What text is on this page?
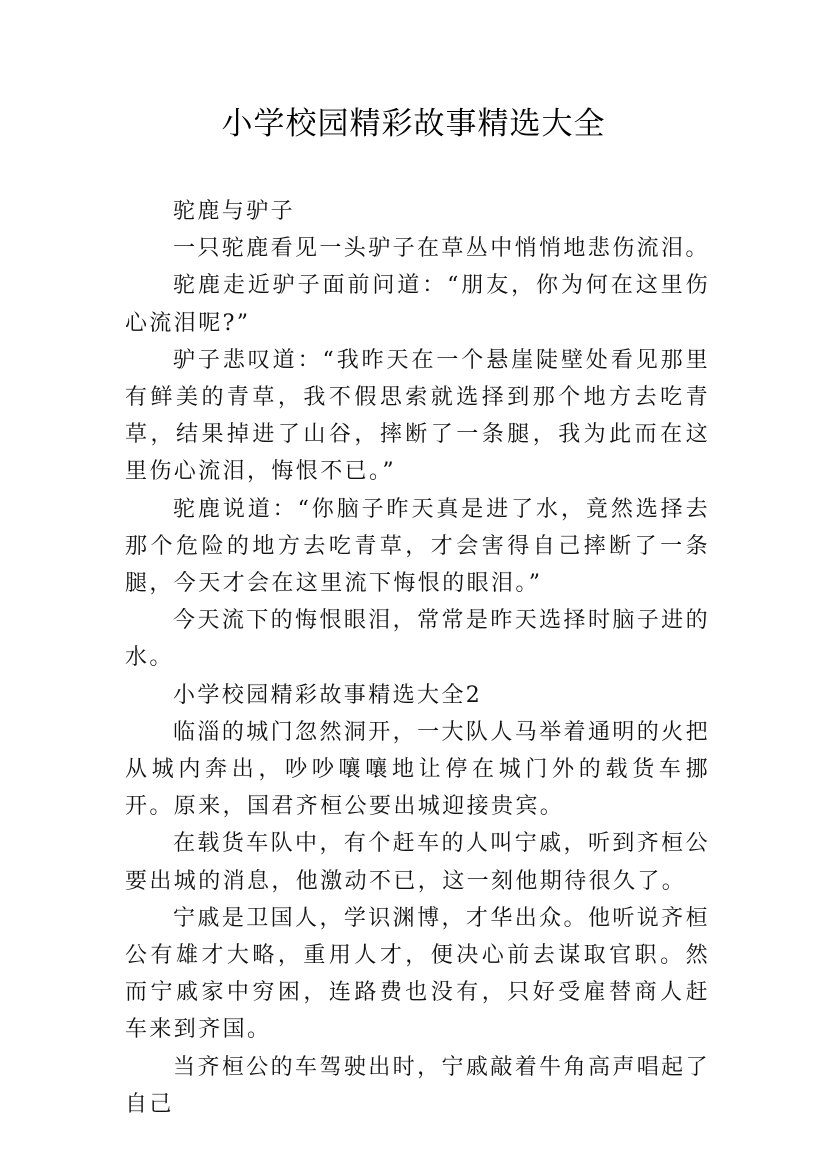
小学校园精彩故事精选大全

驼鹿与驴子

一只驼鹿看见一头驴子在草丛中悄悄地悲伤流泪。

驼鹿走近驴子面前问道：“朋友，你为何在这里伤心流泪呢?”

驴子悲叹道：“我昨天在一个悬崖陡壁处看见那里有鲜美的青草，我不假思索就选择到那个地方去吃青草，结果掉进了山谷，摔断了一条腿，我为此而在这里伤心流泪，悔恨不已。”

驼鹿说道：“你脑子昨天真是进了水，竟然选择去那个危险的地方去吃青草，才会害得自己摔断了一条腿，今天才会在这里流下悔恨的眼泪。”

今天流下的悔恨眼泪，常常是昨天选择时脑子进的水。

小学校园精彩故事精选大全2

临淄的城门忽然洞开，一大队人马举着通明的火把从城内奔出，吵吵嚷嚷地让停在城门外的载货车挪开。原来，国君齐桓公要出城迎接贵宾。

在载货车队中，有个赶车的人叫宁戚，听到齐桓公要出城的消息，他激动不已，这一刻他期待很久了。

宁戚是卫国人，学识渊博，才华出众。他听说齐桓公有雄才大略，重用人才，便决心前去谋取官职。然而宁戚家中穷困，连路费也没有，只好受雇替商人赶车来到齐国。

当齐桓公的车驾驶出时，宁戚敲着牛角高声唱起了自己
